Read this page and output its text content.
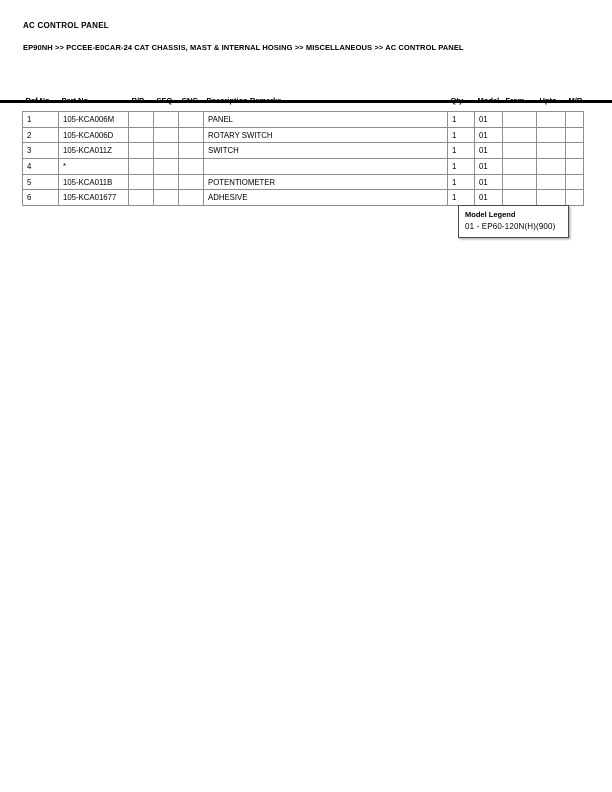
AC CONTROL PANEL
EP90NH >> PCCEE-E0CAR-24 CAT CHASSIS, MAST & INTERNAL HOSING >> MISCELLANEOUS >> AC CONTROL PANEL
Ref No.	Part No.	R/P	SEQ	CNG	Description Remarks	Qty	Model	From	Upto	M/R
1	105-KCA006M				PANEL	1	01			
2	105-KCA006D				ROTARY SWITCH	1	01			
3	105-KCA011Z				SWITCH	1	01			
4	*					1	01			
5	105-KCA011B				POTENTIOMETER	1	01			
6	105-KCA01677				ADHESIVE	1	01			
Model Legend
01 - EP60-120N(H)(900)
